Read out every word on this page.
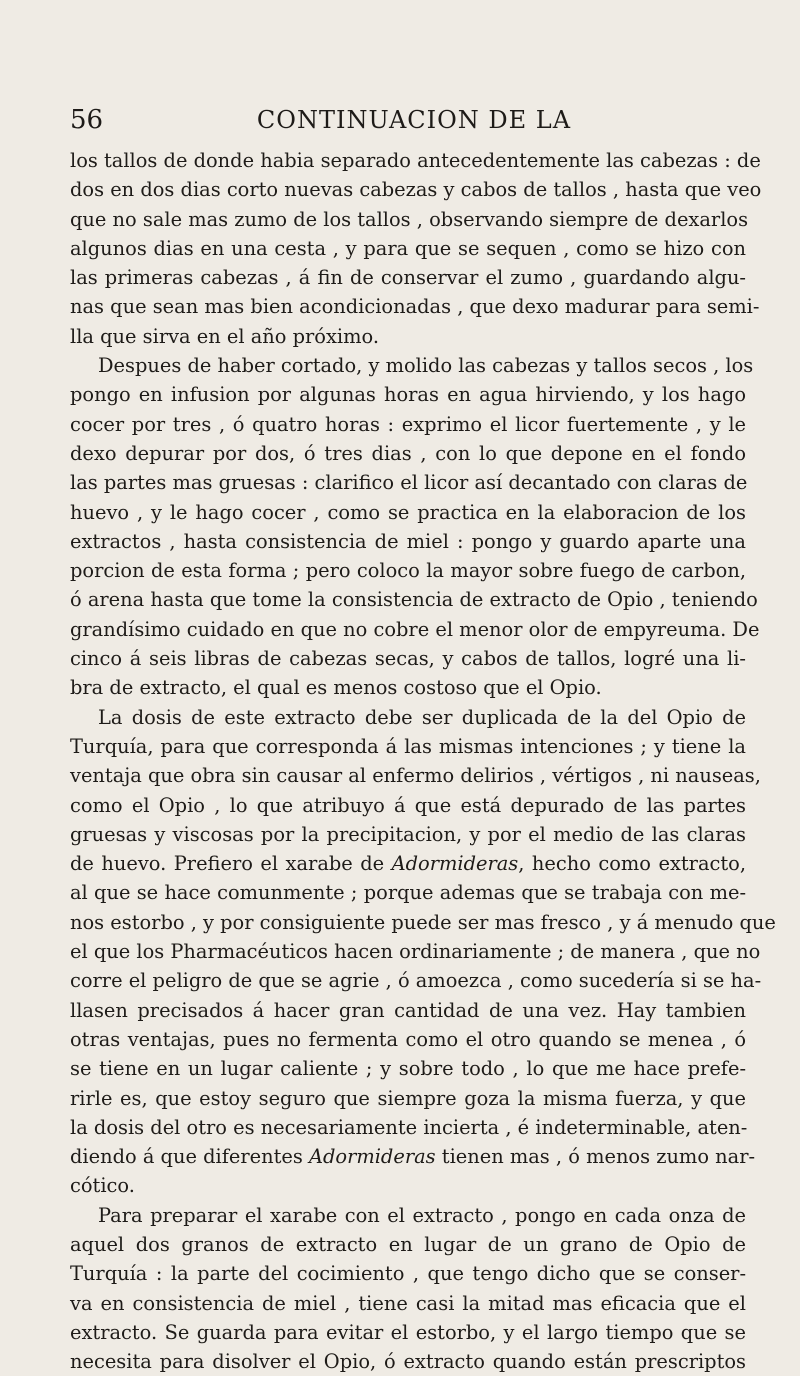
56	CONTINUACION DE LA
los tallos de donde habia separado antecedentemente las cabezas : de
dos en dos dias corto nuevas cabezas y cabos de tallos , hasta que veo
que no sale mas zumo de los tallos , observando siempre de dexarlos
algunos dias en una cesta , y para que se sequen , como se hizo con
las primeras cabezas , á fin de conservar el zumo , guardando algu-
nas que sean mas bien acondicionadas , que dexo madurar para semi-
lla que sirva en el año próximo.
Despues de haber cortado, y molido las cabezas y tallos secos , los
pongo en infusion por algunas horas en agua hirviendo, y los hago
cocer por tres , ó quatro horas : exprimo el licor fuertemente , y le
dexo depurar por dos, ó tres dias , con lo que depone en el fondo
las partes mas gruesas : clarifico el licor así decantado con claras de
huevo , y le hago cocer , como se practica en la elaboracion de los
extractos , hasta consistencia de miel : pongo y guardo aparte una
porcion de esta forma ; pero coloco la mayor sobre fuego de carbon,
ó arena hasta que tome la consistencia de extracto de Opio , teniendo
grandísimo cuidado en que no cobre el menor olor de empyreuma. De
cinco á seis libras de cabezas secas, y cabos de tallos, logré una li-
bra de extracto, el qual es menos costoso que el Opio.
La dosis de este extracto debe ser duplicada de la del Opio de
Turquía, para que corresponda á las mismas intenciones ; y tiene la
ventaja que obra sin causar al enfermo delirios , vértigos , ni nauseas,
como el Opio , lo que atribuyo á que está depurado de las partes
gruesas y viscosas por la precipitacion, y por el medio de las claras
de huevo. Prefiero el xarabe de Adormideras, hecho como extracto,
al que se hace comunmente ; porque ademas que se trabaja con me-
nos estorbo , y por consiguiente puede ser mas fresco , y á menudo que
el que los Pharmacéuticos hacen ordinariamente ; de manera , que no
corre el peligro de que se agrie , ó amoezca , como sucedería si se ha-
llasen precisados á hacer gran cantidad de una vez. Hay tambien
otras ventajas, pues no fermenta como el otro quando se menea , ó
se tiene en un lugar caliente ; y sobre todo , lo que me hace prefe-
rirle es, que estoy seguro que siempre goza la misma fuerza, y que
la dosis del otro es necesariamente incierta , é indeterminable, aten-
diendo á que diferentes Adormideras tienen mas , ó menos zumo nar-
cótico.
Para preparar el xarabe con el extracto , pongo en cada onza de
aquel dos granos de extracto en lugar de un grano de Opio de
Turquía : la parte del cocimiento , que tengo dicho que se conser-
va en consistencia de miel , tiene casi la mitad mas eficacia que el
extracto. Se guarda para evitar el estorbo, y el largo tiempo que se
necesita para disolver el Opio, ó extracto quando están prescriptos
